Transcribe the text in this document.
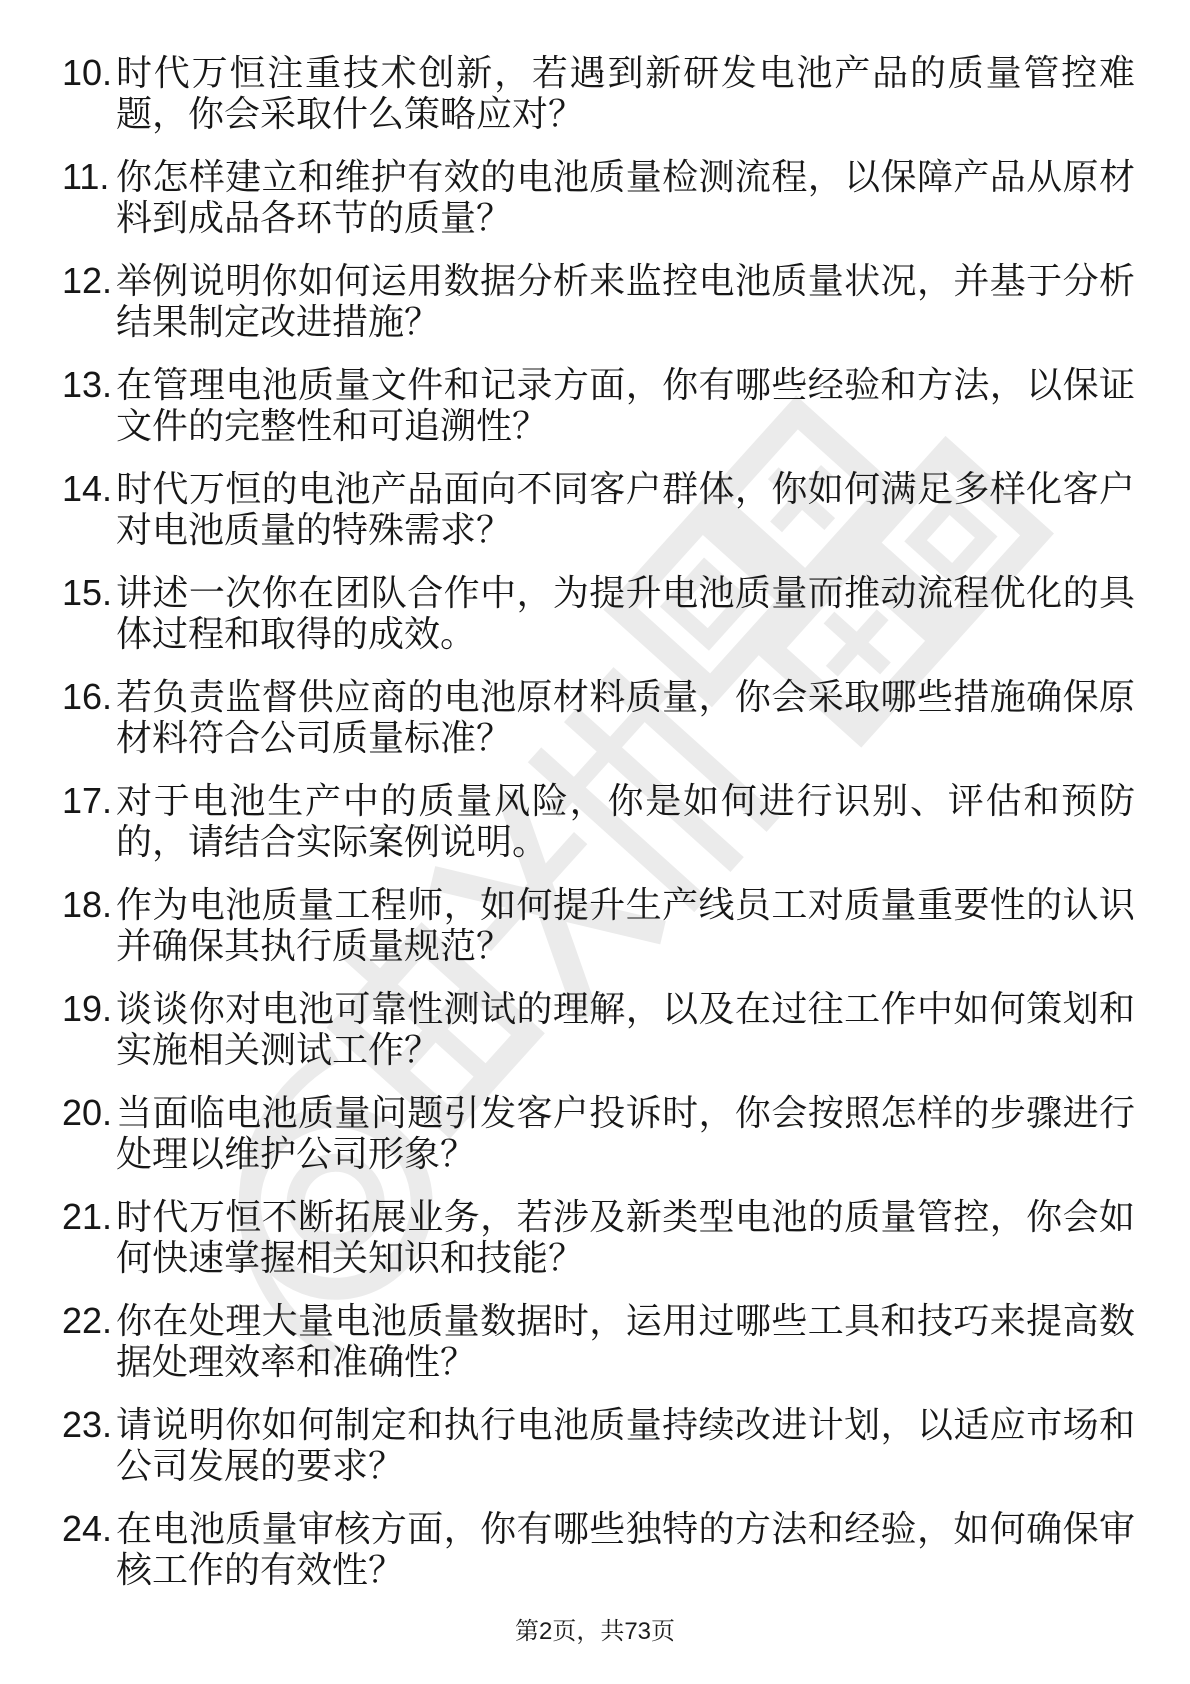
10. 时代万恒注重技术创新，若遇到新研发电池产品的质量管控难题，你会采取什么策略应对？
11. 你怎样建立和维护有效的电池质量检测流程，以保障产品从原材料到成品各环节的质量？
12. 举例说明你如何运用数据分析来监控电池质量状况，并基于分析结果制定改进措施？
13. 在管理电池质量文件和记录方面，你有哪些经验和方法，以保证文件的完整性和可追溯性？
14. 时代万恒的电池产品面向不同客户群体，你如何满足多样化客户对电池质量的特殊需求？
15. 讲述一次你在团队合作中，为提升电池质量而推动流程优化的具体过程和取得的成效。
16. 若负责监督供应商的电池原材料质量，你会采取哪些措施确保原材料符合公司质量标准？
17. 对于电池生产中的质量风险，你是如何进行识别、评估和预防的，请结合实际案例说明。
18. 作为电池质量工程师，如何提升生产线员工对质量重要性的认识并确保其执行质量规范？
19. 谈谈你对电池可靠性测试的理解，以及在过往工作中如何策划和实施相关测试工作？
20. 当面临电池质量问题引发客户投诉时，你会按照怎样的步骤进行处理以维护公司形象？
21. 时代万恒不断拓展业务，若涉及新类型电池的质量管控，你会如何快速掌握相关知识和技能？
22. 你在处理大量电池质量数据时，运用过哪些工具和技巧来提高数据处理效率和准确性？
23. 请说明你如何制定和执行电池质量持续改进计划，以适应市场和公司发展的要求？
24. 在电池质量审核方面，你有哪些独特的方法和经验，如何确保审核工作的有效性？
第2页，共73页
